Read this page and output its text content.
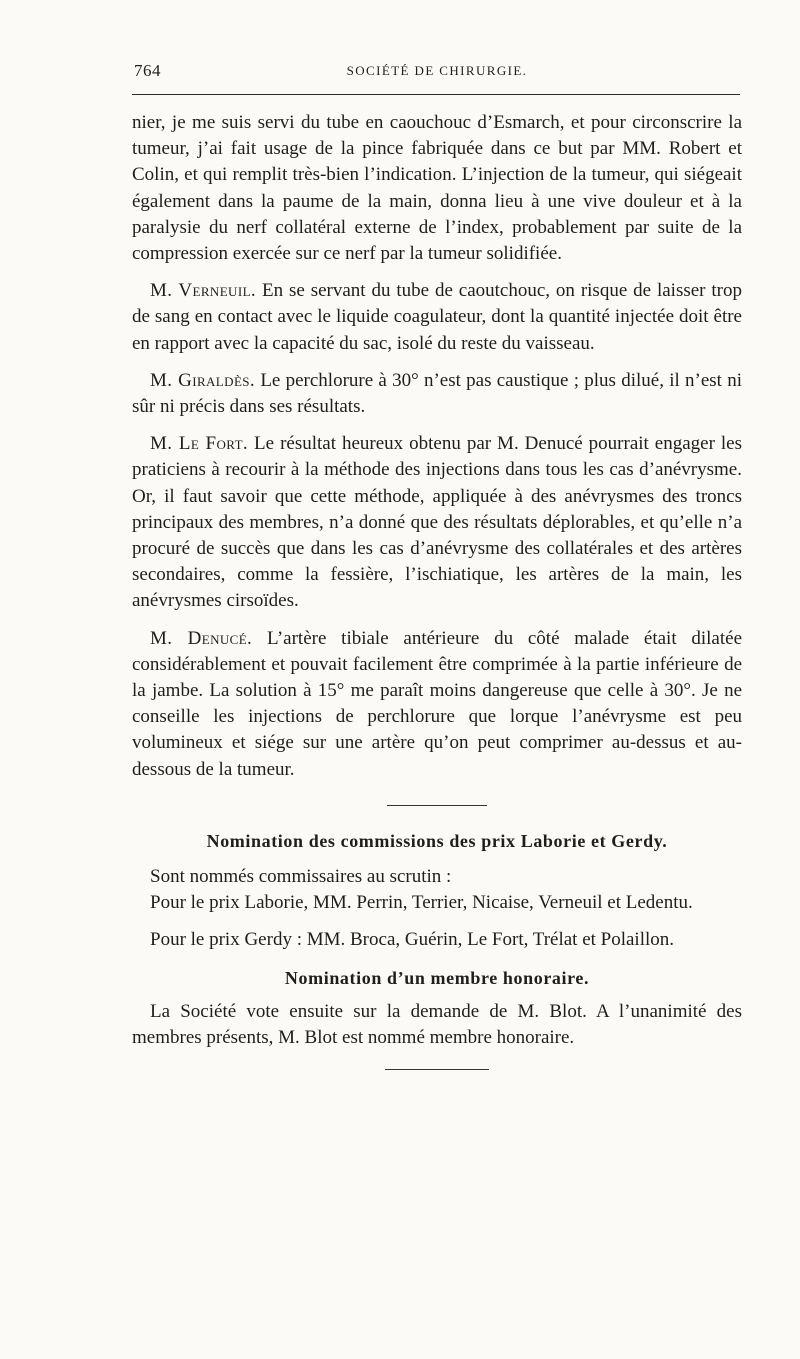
764	SOCIÉTÉ DE CHIRURGIE.

nier, je me suis servi du tube en caouchouc d’Esmarch, et pour circonscrire la tumeur, j’ai fait usage de la pince fabriquée dans ce but par MM. Robert et Colin, et qui remplit très-bien l’indication. L’injection de la tumeur, qui siégeait également dans la paume de la main, donna lieu à une vive douleur et à la paralysie du nerf collatéral externe de l’index, probablement par suite de la compression exercée sur ce nerf par la tumeur solidifiée.

M. Verneuil. En se servant du tube de caoutchouc, on risque de laisser trop de sang en contact avec le liquide coagulateur, dont la quantité injectée doit être en rapport avec la capacité du sac, isolé du reste du vaisseau.

M. Giraldès. Le perchlorure à 30° n’est pas caustique ; plus dilué, il n’est ni sûr ni précis dans ses résultats.

M. Le Fort. Le résultat heureux obtenu par M. Denucé pourrait engager les praticiens à recourir à la méthode des injections dans tous les cas d’anévrysme. Or, il faut savoir que cette méthode, appliquée à des anévrysmes des troncs principaux des membres, n’a donné que des résultats déplorables, et qu’elle n’a procuré de succès que dans les cas d’anévrysme des collatérales et des artères secondaires, comme la fessière, l’ischiatique, les artères de la main, les anévrysmes cirsoïdes.

M. Denucé. L’artère tibiale antérieure du côté malade était dilatée considérablement et pouvait facilement être comprimée à la partie inférieure de la jambe. La solution à 15° me paraît moins dangereuse que celle à 30°. Je ne conseille les injections de perchlorure que lorque l’anévrysme est peu volumineux et siége sur une artère qu’on peut comprimer au-dessus et au-dessous de la tumeur.

Nomination des commissions des prix Laborie et Gerdy.

Sont nommés commissaires au scrutin :

Pour le prix Laborie, MM. Perrin, Terrier, Nicaise, Verneuil et Ledentu.

Pour le prix Gerdy : MM. Broca, Guérin, Le Fort, Trélat et Polaillon.

Nomination d’un membre honoraire.

La Société vote ensuite sur la demande de M. Blot. A l’unanimité des membres présents, M. Blot est nommé membre honoraire.
